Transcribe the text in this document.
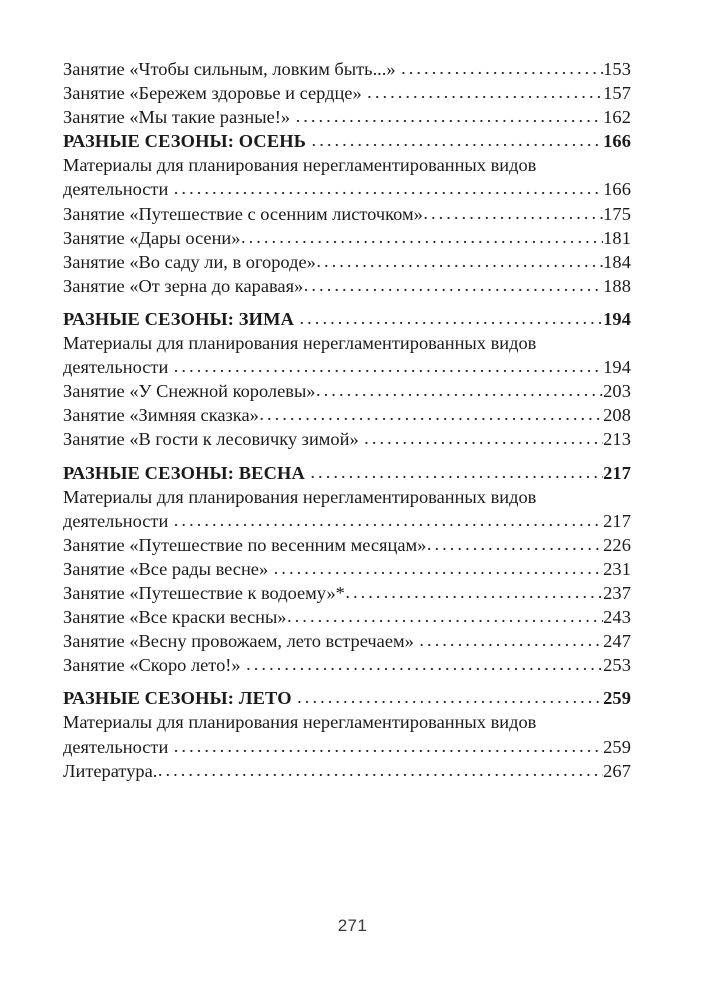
Занятие «Чтобы сильным, ловким быть...» .....	153
Занятие «Бережем здоровье и сердце» .....	157
Занятие «Мы такие разные!» .....	162
РАЗНЫЕ СЕЗОНЫ: ОСЕНЬ .....	166
Материалы для планирования нерегламентированных видов
деятельности .....	166
Занятие «Путешествие с осенним листочком» .....	175
Занятие «Дары осени» .....	181
Занятие «Во саду ли, в огороде» .....	184
Занятие «От зерна до каравая» .....	188
РАЗНЫЕ СЕЗОНЫ: ЗИМА .....	194
Материалы для планирования нерегламентированных видов
деятельности .....	194
Занятие «У Снежной королевы» .....	203
Занятие «Зимняя сказка» .....	208
Занятие «В гости к лесовичку зимой» .....	213
РАЗНЫЕ СЕЗОНЫ: ВЕСНА .....	217
Материалы для планирования нерегламентированных видов
деятельности .....	217
Занятие «Путешествие по весенним месяцам» .....	226
Занятие «Все рады весне» .....	231
Занятие «Путешествие к водоему»* .....	237
Занятие «Все краски весны» .....	243
Занятие «Весну провожаем, лето встречаем» .....	247
Занятие «Скоро лето!» .....	253
РАЗНЫЕ СЕЗОНЫ: ЛЕТО .....	259
Материалы для планирования нерегламентированных видов
деятельности .....	259
Литература. .....	267
271
